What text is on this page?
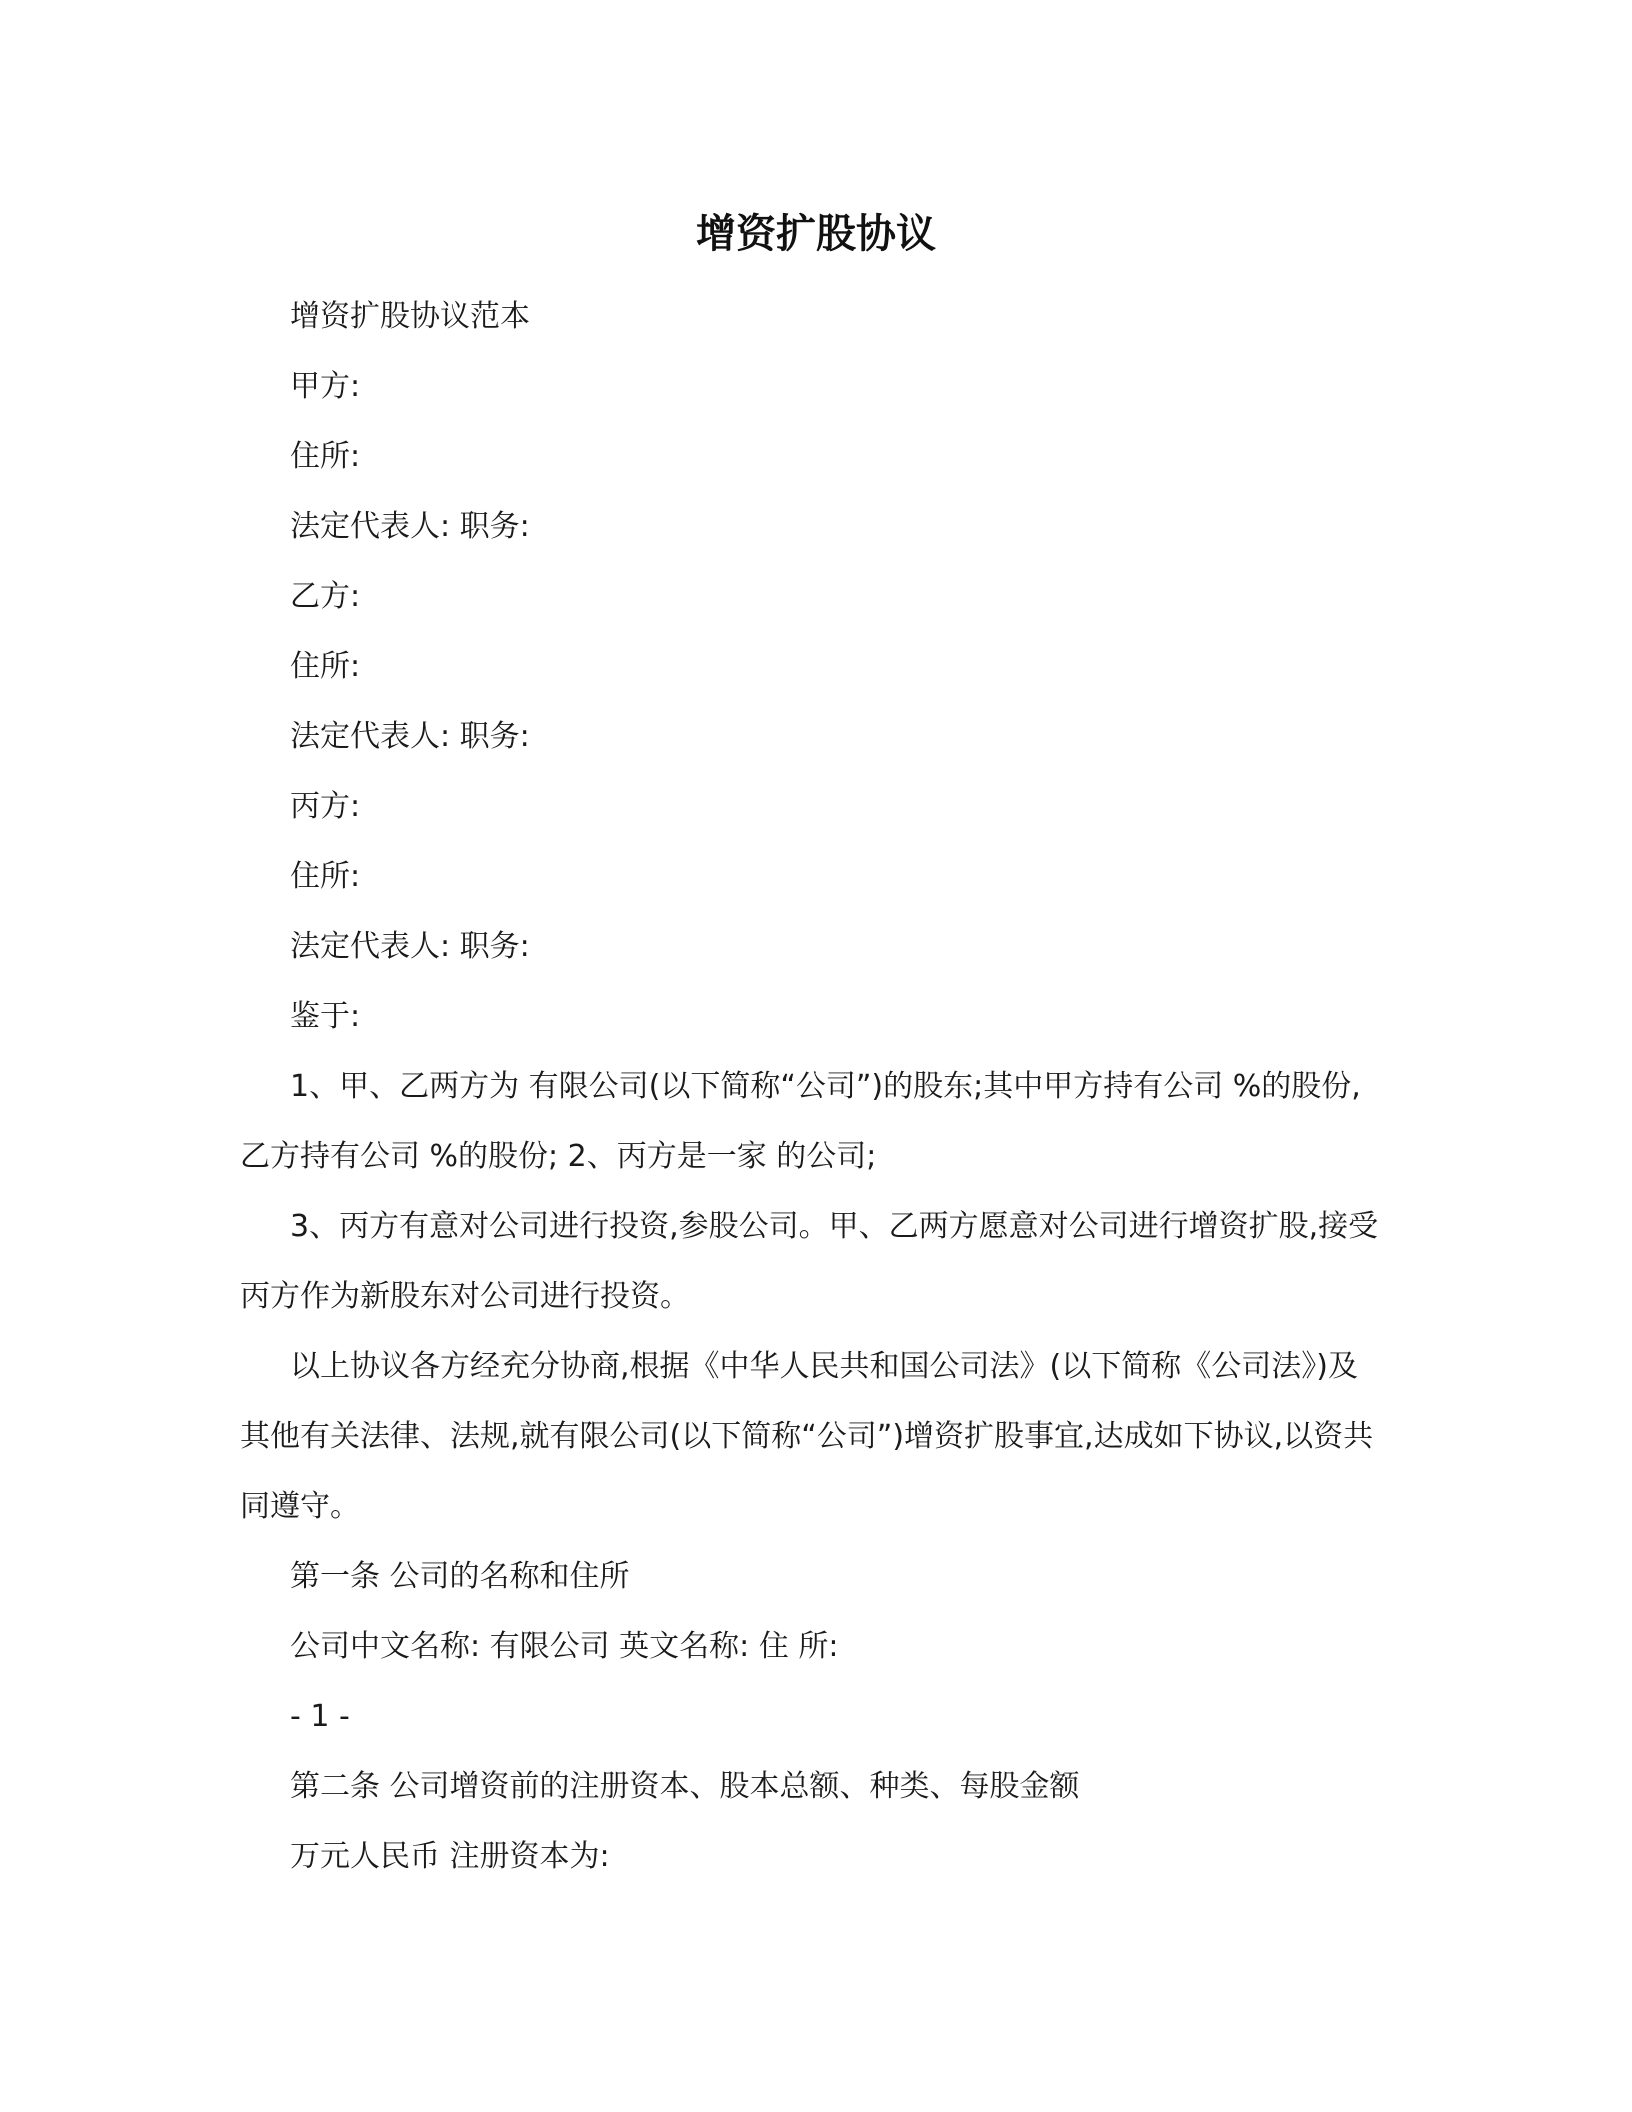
增资扩股协议

增资扩股协议范本

甲方:

住所:

法定代表人: 职务:

乙方:

住所:

法定代表人: 职务:

丙方:

住所:

法定代表人: 职务:

鉴于:

1、甲、乙两方为 有限公司(以下简称“公司”)的股东;其中甲方持有公司 %的股份,乙方持有公司 %的股份; 2、丙方是一家 的公司;

3、丙方有意对公司进行投资,参股公司。甲、乙两方愿意对公司进行增资扩股,接受丙方作为新股东对公司进行投资。

以上协议各方经充分协商,根据《中华人民共和国公司法》(以下简称《公司法》)及其他有关法律、法规,就有限公司(以下简称“公司”)增资扩股事宜,达成如下协议,以资共同遵守。

第一条 公司的名称和住所

公司中文名称: 有限公司 英文名称: 住 所:

- 1 -

第二条 公司增资前的注册资本、股本总额、种类、每股金额

万元人民币 注册资本为:
